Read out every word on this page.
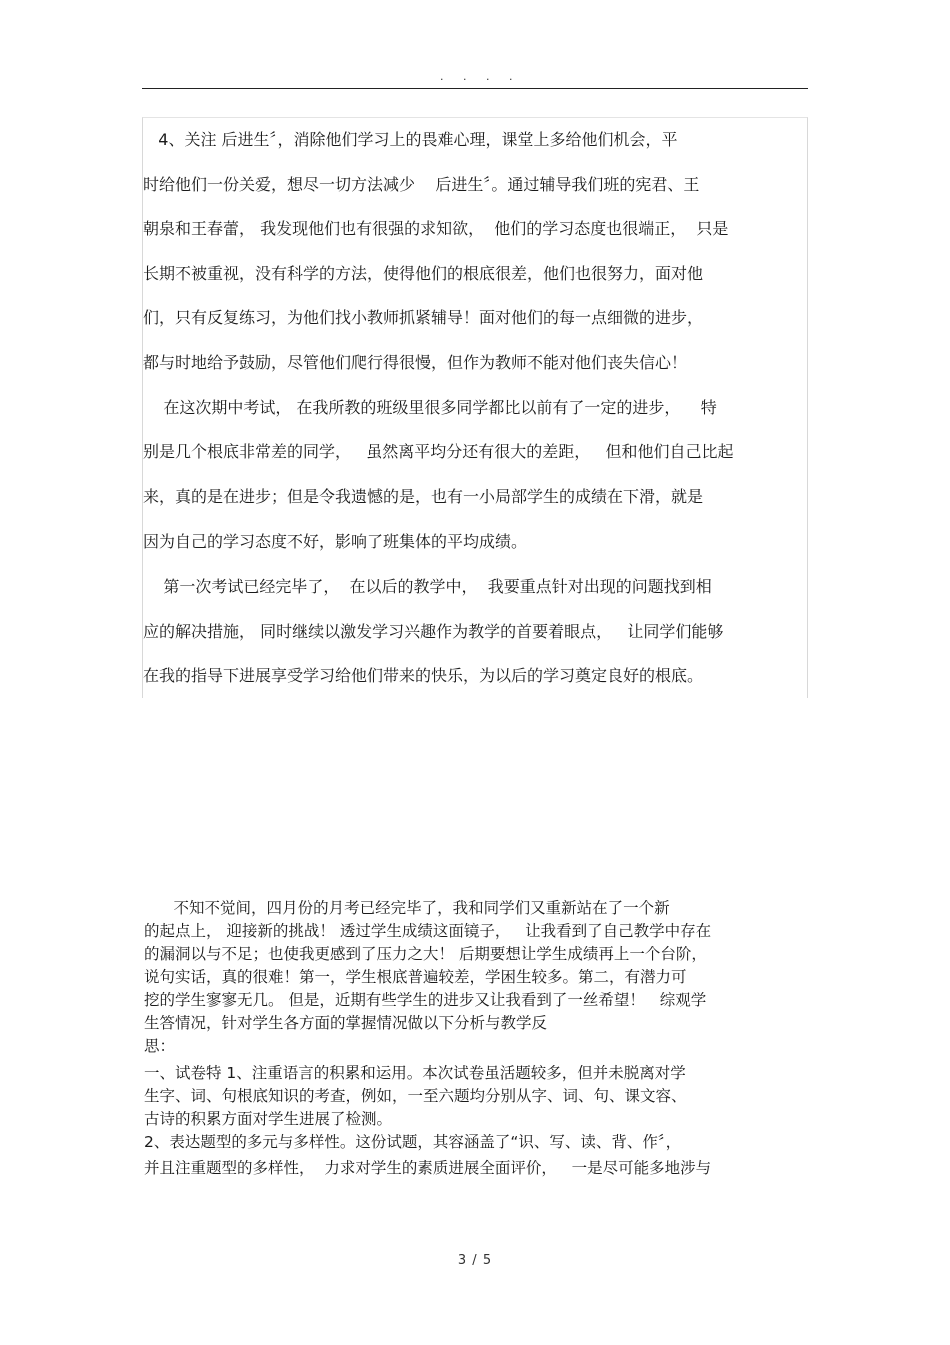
. . . .
4、关注 后进生〞，消除他们学习上的畏难心理，课堂上多给他们机会，平
时给他们一份关爱，想尽一切方法减少    后进生〞。通过辅导我们班的宪君、王
朝泉和王春蕾， 我发现他们也有很强的求知欲，  他们的学习态度也很端正，  只是
长期不被重视，没有科学的方法，使得他们的根底很差，他们也很努力，面对他
们，只有反复练习，为他们找小教师抓紧辅导！面对他们的每一点细微的进步，
都与时地给予鼓励，尽管他们爬行得很慢，但作为教师不能对他们丧失信心！
在这次期中考试， 在我所教的班级里很多同学都比以前有了一定的进步，    特
别是几个根底非常差的同学，   虽然离平均分还有很大的差距，   但和他们自己比起
来，真的是在进步；但是令我遗憾的是，也有一小局部学生的成绩在下滑，就是
因为自己的学习态度不好，影响了班集体的平均成绩。
第一次考试已经完毕了，  在以后的教学中，  我要重点针对出现的问题找到相
应的解决措施， 同时继续以激发学习兴趣作为教学的首要着眼点，   让同学们能够
在我的指导下进展享受学习给他们带来的快乐，为以后的学习奠定良好的根底。
不知不觉间，四月份的月考已经完毕了，我和同学们又重新站在了一个新
的起点上， 迎接新的挑战！ 透过学生成绩这面镜子，   让我看到了自己教学中存在
的漏洞以与不足；也使我更感到了压力之大！ 后期要想让学生成绩再上一个台阶，
说句实话，真的很难！第一，学生根底普遍较差，学困生较多。第二，有潜力可
挖的学生寥寥无几。 但是，近期有些学生的进步又让我看到了一丝希望！   综观学
生答情况，针对学生各方面的掌握情况做以下分析与教学反
思：
一、试卷特 1、注重语言的积累和运用。本次试卷虽活题较多，但并未脱离对学
生字、词、句根底知识的考查，例如，一至六题均分别从字、词、句、课文容、
古诗的积累方面对学生进展了检测。
2、表达题型的多元与多样性。这份试题，其容涵盖了“识、写、读、背、作〞，
并且注重题型的多样性，  力求对学生的素质进展全面评价，   一是尽可能多地涉与
3 / 5
